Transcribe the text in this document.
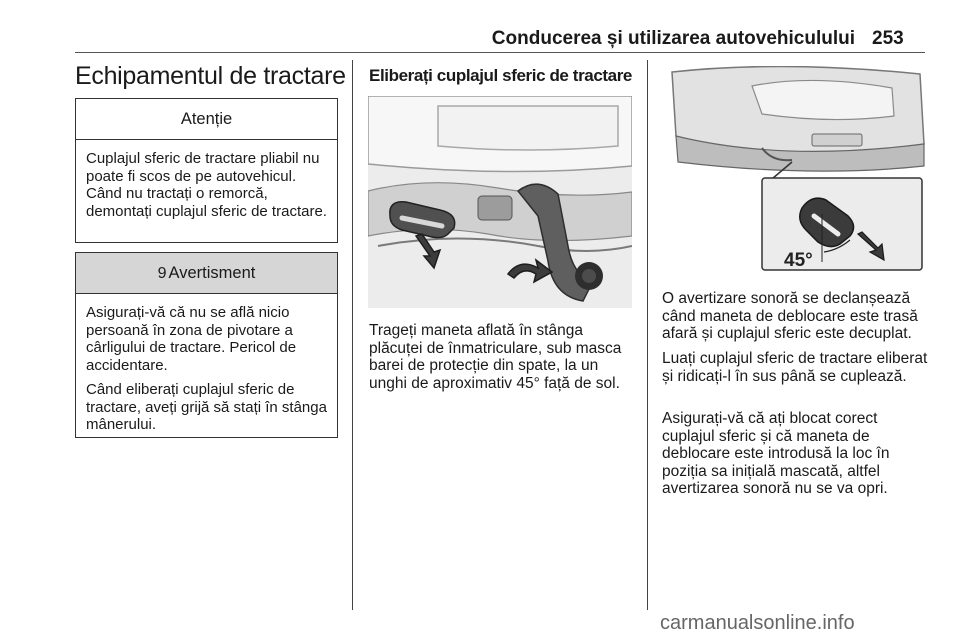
Conducerea și utilizarea autovehiculului 253
Echipamentul de tractare
Atenție

Cuplajul sferic de tractare pliabil nu poate fi scos de pe autovehicul. Când nu tractați o remorcă, demontați cuplajul sferic de tractare.

9 Avertisment

Asigurați-vă că nu se află nicio persoană în zona de pivotare a cârligului de tractare. Pericol de accidentare.

Când eliberați cuplajul sferic de tractare, aveți grijă să stați în stânga mânerului.

Eliberați cuplajul sferic de tractare

Trageți maneta aflată în stânga plăcuței de înmatriculare, sub masca barei de protecție din spate, la un unghi de aproximativ 45° față de sol.

45°

O avertizare sonoră se declanșează când maneta de deblocare este trasă afară și cuplajul sferic este decuplat.

Luați cuplajul sferic de tractare eliberat și ridicați-l în sus până se cuplează.

Asigurați-vă că ați blocat corect cuplajul sferic și că maneta de deblocare este introdusă la loc în poziția sa inițială mascată, altfel avertizarea sonoră nu se va opri.

carmanualsonline.info
